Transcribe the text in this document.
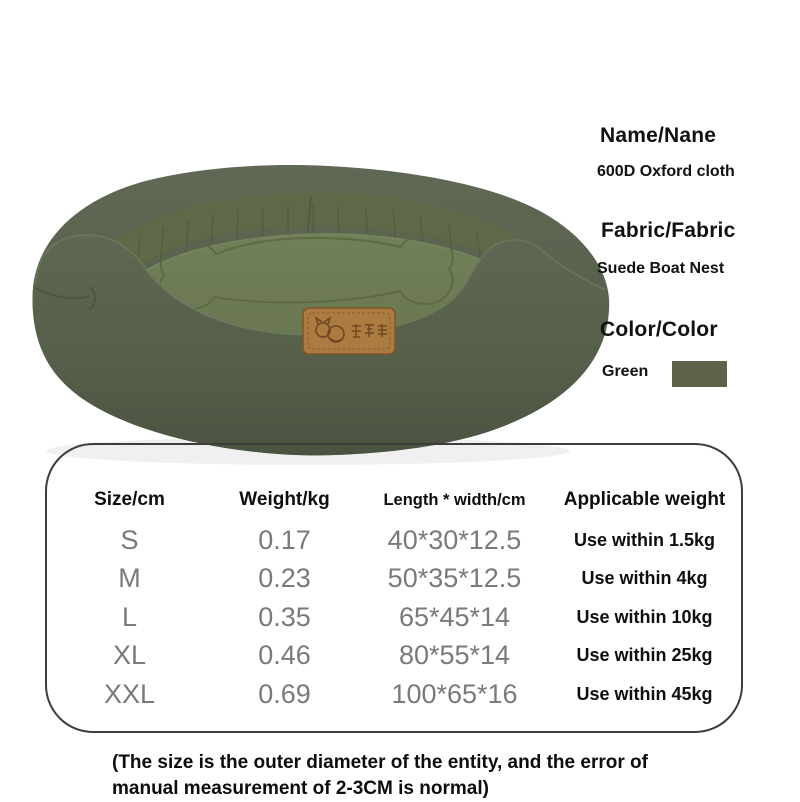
Name/Nane
600D Oxford cloth
Fabric/Fabric
Suede Boat Nest
Color/Color
Green
Size/cm	Weight/kg	Length * width/cm	Applicable weight
S	0.17	40*30*12.5	Use within 1.5kg
M	0.23	50*35*12.5	Use within 4kg
L	0.35	65*45*14	Use within 10kg
XL	0.46	80*55*14	Use within 25kg
XXL	0.69	100*65*16	Use within 45kg
(The size is the outer diameter of the entity, and the error of manual measurement of 2-3CM is normal)
